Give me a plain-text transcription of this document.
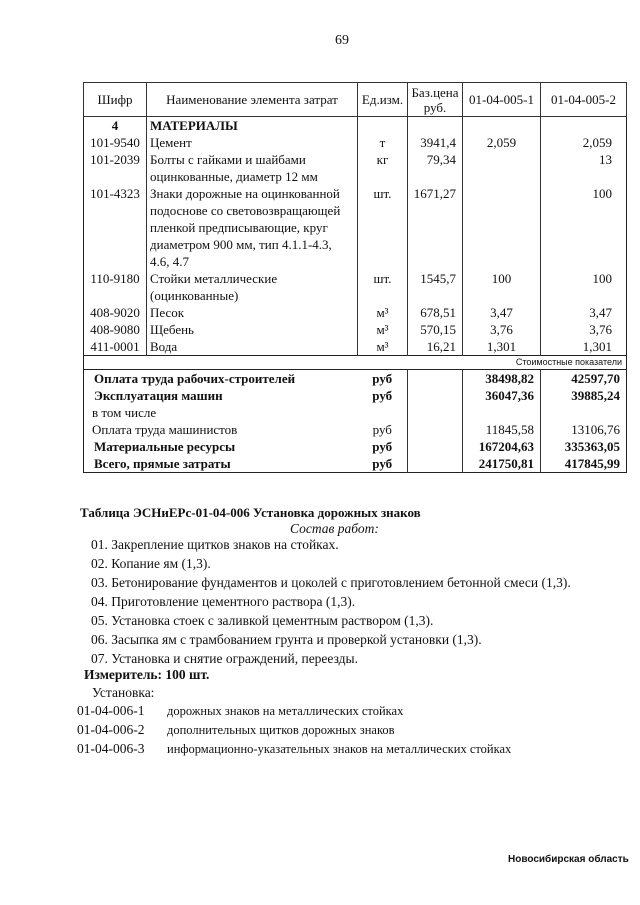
69
Шифр	Наименование элемента затрат	Ед.изм.	Баз.цена руб.	01-04-005-1	01-04-005-2
4	МАТЕРИАЛЫ				
101-9540	Цемент	т	3941,4	2,059	2,059
101-2039	Болты с гайками и шайбами оцинкованные, диаметр 12 мм	кг	79,34		13
101-4323	Знаки дорожные на оцинкованной подоснове со световозвращающей пленкой предписывающие, круг диаметром 900 мм, тип 4.1.1-4.3, 4.6, 4.7	шт.	1671,27		100
110-9180	Стойки металлические (оцинкованные)	шт.	1545,7	100	100
408-9020	Песок	м³	678,51	3,47	3,47
408-9080	Щебень	м³	570,15	3,76	3,76
411-0001	Вода	м³	16,21	1,301	1,301
Стоимостные показатели					
Оплата труда рабочих-строителей		руб		38498,82	42597,70
Эксплуатация машин		руб		36047,36	39885,24
в том числе					
Оплата труда машинистов		руб		11845,58	13106,76
Материальные ресурсы		руб		167204,63	335363,05
Всего, прямые затраты		руб		241750,81	417845,99
Таблица ЭСНиЕРс-01-04-006 Установка дорожных знаков
Состав работ:
01. Закрепление щитков знаков на стойках.
02. Копание ям (1,3).
03. Бетонирование фундаментов и цоколей с приготовлением бетонной смеси (1,3).
04. Приготовление цементного раствора (1,3).
05. Установка стоек с заливкой цементным раствором (1,3).
06. Засыпка ям с трамбованием грунта и проверкой установки (1,3).
07. Установка и снятие ограждений, переезды.
Измеритель: 100 шт.
Установка:
01-04-006-1 дорожных знаков на металлических стойках
01-04-006-2 дополнительных щитков дорожных знаков
01-04-006-3 информационно-указательных знаков на металлических стойках
Новосибирская область
